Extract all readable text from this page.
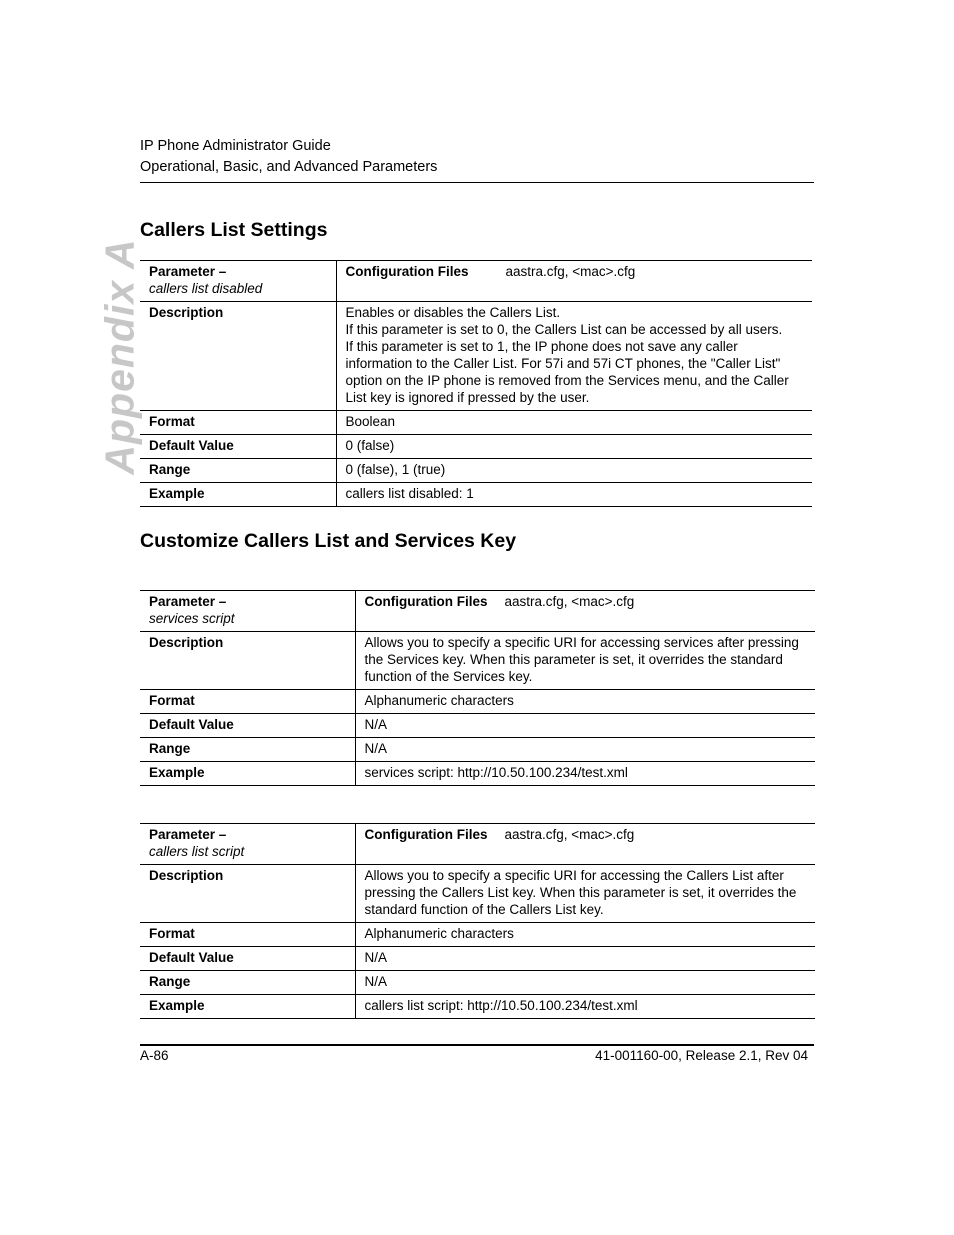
IP Phone Administrator Guide
Operational, Basic, and Advanced Parameters
Appendix A
Callers List Settings
Parameter –
callers list disabled	Configuration Files aastra.cfg, <mac>.cfg
Description	Enables or disables the Callers List.
If this parameter is set to 0, the Callers List can be accessed by all users.
If this parameter is set to 1, the IP phone does not save any caller information to the Caller List. For 57i and 57i CT phones, the "Caller List" option on the IP phone is removed from the Services menu, and the Caller List key is ignored if pressed by the user.

Format	Boolean
Default Value	0 (false)
Range	0 (false), 1 (true)
Example	callers list disabled: 1
Customize Callers List and Services Key
Parameter –
services script	Configuration Files aastra.cfg, <mac>.cfg
Description	Allows you to specify a specific URI for accessing services after pressing the Services key. When this parameter is set, it overrides the standard function of the Services key.
Format	Alphanumeric characters
Default Value	N/A
Range	N/A
Example	services script: http://10.50.100.234/test.xml
Parameter –
callers list script	Configuration Files aastra.cfg, <mac>.cfg
Description	Allows you to specify a specific URI for accessing the Callers List after pressing the Callers List key. When this parameter is set, it overrides the standard function of the Callers List key.
Format	Alphanumeric characters
Default Value	N/A
Range	N/A
Example	callers list script: http://10.50.100.234/test.xml
A-86	41-001160-00, Release 2.1, Rev 04
